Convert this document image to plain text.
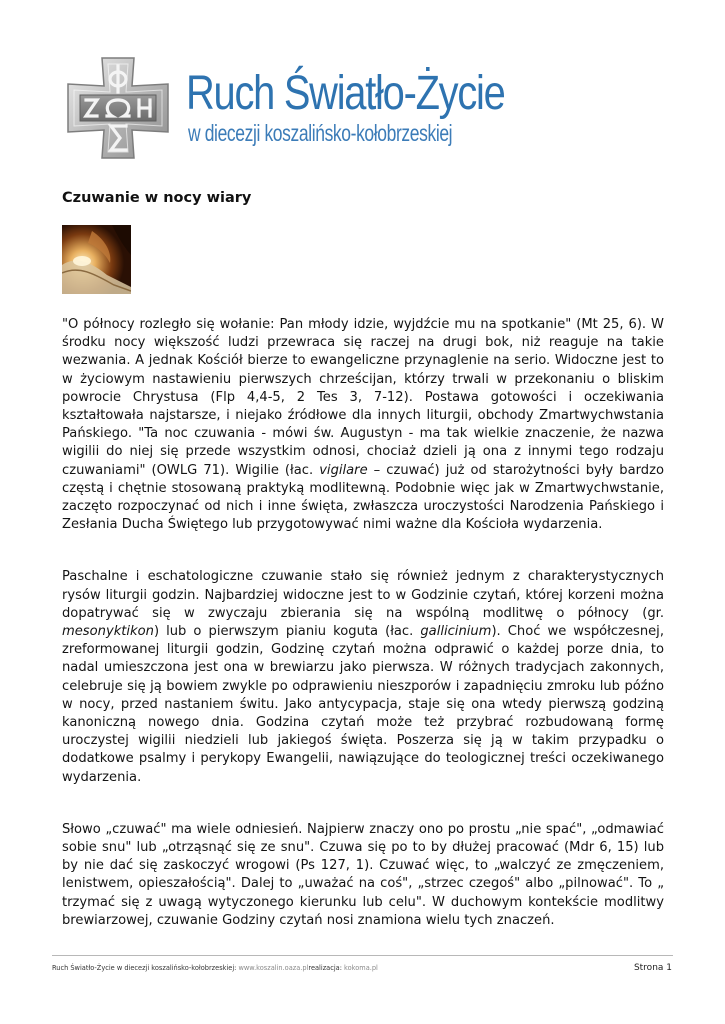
Ruch Światło-Życie
w diecezji koszalińsko-kołobrzeskiej
Czuwanie w nocy wiary

"O północy rozległo się wołanie: Pan młody idzie, wyjdźcie mu na spotkanie" (Mt 25, 6). W środku nocy większość ludzi przewraca się raczej na drugi bok, niż reaguje na takie wezwania. A jednak Kościół bierze to ewangeliczne przynaglenie na serio. Widoczne jest to w życiowym nastawieniu pierwszych chrześcijan, którzy trwali w przekonaniu o bliskim powrocie Chrystusa (Flp 4,4-5, 2 Tes 3, 7-12). Postawa gotowości i oczekiwania kształtowała najstarsze, i niejako źródłowe dla innych liturgii, obchody Zmartwychwstania Pańskiego. "Ta noc czuwania - mówi św. Augustyn - ma tak wielkie znaczenie, że nazwa wigilii do niej się przede wszystkim odnosi, chociaż dzieli ją ona z innymi tego rodzaju czuwaniami" (OWLG 71). Wigilie (łac. vigilare – czuwać) już od starożytności były bardzo częstą i chętnie stosowaną praktyką modlitewną. Podobnie więc jak w Zmartwychwstanie, zaczęto rozpoczynać od nich i inne święta, zwłaszcza uroczystości Narodzenia Pańskiego i Zesłania Ducha Świętego lub przygotowywać nimi ważne dla Kościoła wydarzenia.

Paschalne i eschatologiczne czuwanie stało się również jednym z charakterystycznych rysów liturgii godzin. Najbardziej widoczne jest to w Godzinie czytań, której korzeni można dopatrywać się w zwyczaju zbierania się na wspólną modlitwę o północy (gr. mesonyktikon) lub o pierwszym pianiu koguta (łac. gallicinium). Choć we współczesnej, zreformowanej liturgii godzin, Godzinę czytań można odprawić o każdej porze dnia, to nadal umieszczona jest ona w brewiarzu jako pierwsza. W różnych tradycjach zakonnych, celebruje się ją bowiem zwykle po odprawieniu nieszporów i zapadnięciu zmroku lub późno w nocy, przed nastaniem świtu. Jako antycypacja, staje się ona wtedy pierwszą godziną kanoniczną nowego dnia. Godzina czytań może też przybrać rozbudowaną formę uroczystej wigilii niedzieli lub jakiegoś święta. Poszerza się ją w takim przypadku o dodatkowe psalmy i perykopy Ewangelii, nawiązujące do teologicznej treści oczekiwanego wydarzenia.

Słowo „czuwać" ma wiele odniesień. Najpierw znaczy ono po prostu „nie spać", „odmawiać sobie snu" lub „otrząsnąć się ze snu". Czuwa się po to by dłużej pracować (Mdr 6, 15) lub by nie dać się zaskoczyć wrogowi (Ps 127, 1). Czuwać więc, to „walczyć ze zmęczeniem, lenistwem, opieszałością". Dalej to „uważać na coś", „strzec czegoś" albo „pilnować". To „ trzymać się z uwagą wytyczonego kierunku lub celu". W duchowym kontekście modlitwy brewiarzowej, czuwanie Godziny czytań nosi znamiona wielu tych znaczeń.

Ruch Światło-Życie w diecezji koszalińsko-kołobrzeskiej: www.koszalin.oaza.plrealizacja: kokoma.pl	Strona 1
